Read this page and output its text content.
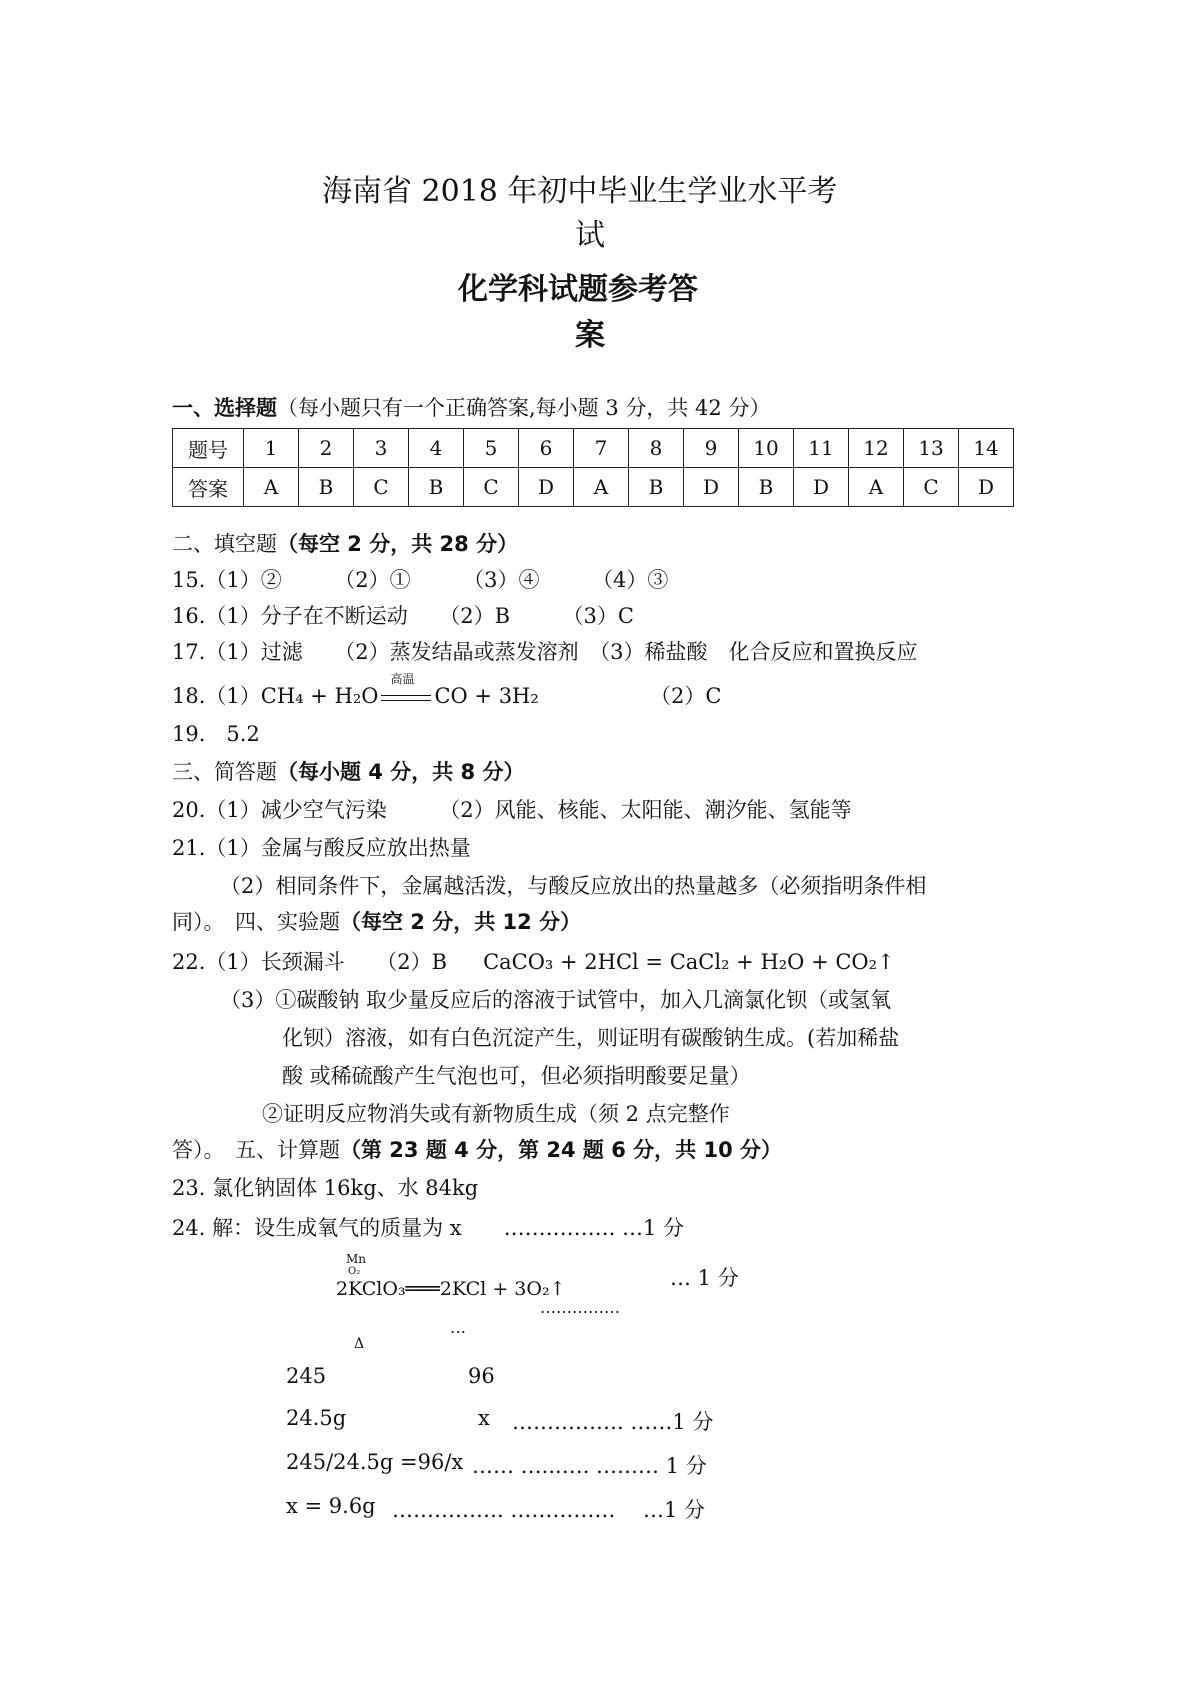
海南省 2018 年初中毕业生学业水平考
试
化学科试题参考答
案
一、选择题（每小题只有一个正确答案,每小题 3 分，共 42 分）
题号	1	2	3	4	5	6	7	8	9	10	11	12	13	14
答案	A	B	C	B	C	D	A	B	D	B	D	A	C	D
二、填空题（每空 2 分，共 28 分）
15.（1）②　　　（2）①　　　（3）④　　　（4）③
16.（1）分子在不断运动　　（2）B　　　（3）C
17.（1）过滤　　（2）蒸发结晶或蒸发溶剂　（3）稀盐酸　化合反应和置换反应
18.（1）CH₄ + H₂O
高温
CO + 3H₂	（2）C
19.　5.2
三、简答题（每小题 4 分，共 8 分）
20.（1）减少空气污染　　　（2）风能、核能、太阳能、潮汐能、氢能等
21.（1）金属与酸反应放出热量
（2）相同条件下，金属越活泼，与酸反应放出的热量越多（必须指明条件相
同）。　 四、实验题（每空 2 分，共 12 分）
22.（1）长颈漏斗　　（2）B CaCO₃ + 2HCl = CaCl₂ + H₂O + CO₂↑
（3）①碳酸钠 取少量反应后的溶液于试管中，加入几滴氯化钡（或氢氧
化钡）溶液，如有白色沉淀产生，则证明有碳酸钠生成。(若加稀盐
酸 或稀硫酸产生气泡也可，但必须指明酸要足量）
②证明反应物消失或有新物质生成（须 2 点完整作
答）。　 五、计算题（第 23 题 4 分，第 24 题 6 分，共 10 分）
23. 氯化钠固体 16kg、水 84kg
24. 解：设生成氧气的质量为 x　　……………. …1 分
Mn
O₂
2KClO₃═══2KCl + 3O₂↑	… 1 分
……………
…
Δ
245	96
24.5g	x ……………. ……1 分
245/24.5g =96/x …… …...…. ……… 1 分
x = 9.6g ……………. ……………　 …1 分
